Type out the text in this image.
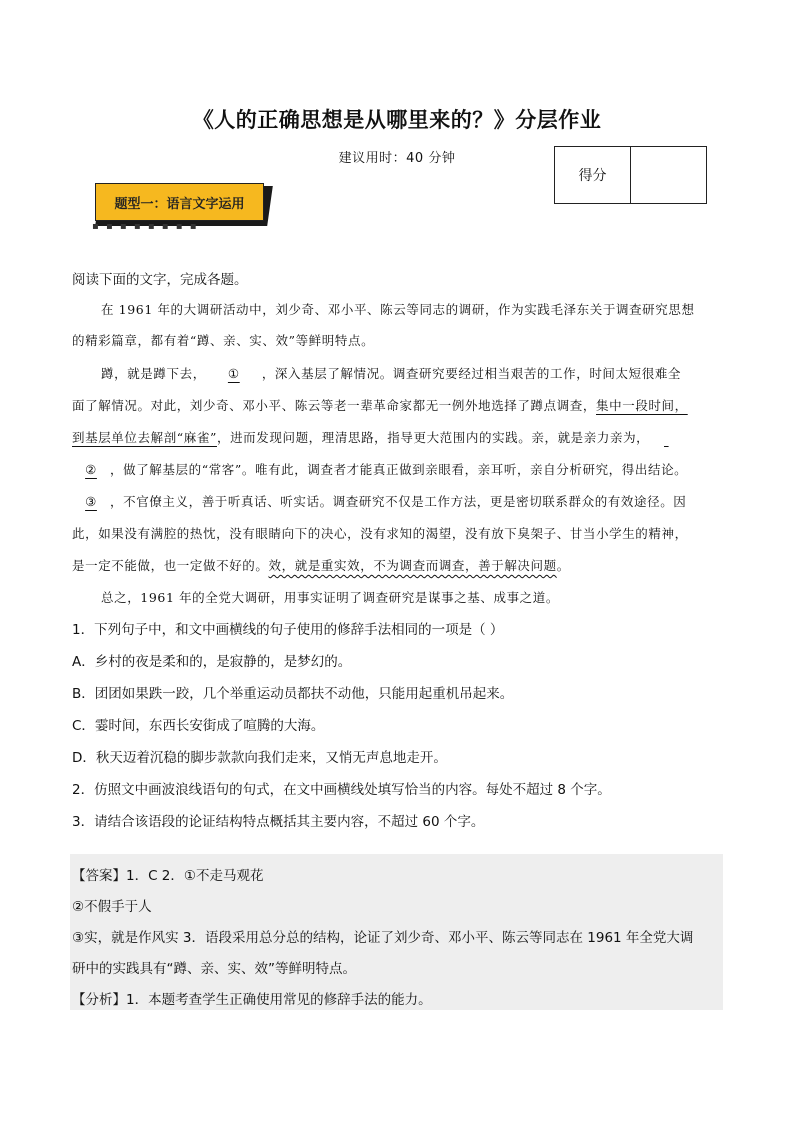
《人的正确思想是从哪里来的？》分层作业
建议用时：40 分钟
得分
题型一：语言文字运用
▪ ▪ ▪ ▪ ▪ ▪ ▪ ▪
阅读下面的文字，完成各题。
在 1961 年的大调研活动中，刘少奇、邓小平、陈云等同志的调研，作为实践毛泽东关于调查研究思想
的精彩篇章，都有着“蹲、亲、实、效”等鲜明特点。
蹲，就是蹲下去， ① ，深入基层了解情况。调查研究要经过相当艰苦的工作，时间太短很难全
面了解情况。对此，刘少奇、邓小平、陈云等老一辈革命家都无一例外地选择了蹲点调查，集中一段时间，
到基层单位去解剖“麻雀”，进而发现问题，理清思路，指导更大范围内的实践。亲，就是亲力亲为，
② ，做了解基层的“常客”。唯有此，调查者才能真正做到亲眼看，亲耳听，亲自分析研究，得出结论。
③ ，不官僚主义，善于听真话、听实话。调查研究不仅是工作方法，更是密切联系群众的有效途径。因
此，如果没有满腔的热忱，没有眼睛向下的决心，没有求知的渴望，没有放下臭架子、甘当小学生的精神，
是一定不能做，也一定做不好的。效，就是重实效，不为调查而调查，善于解决问题。
总之，1961 年的全党大调研，用事实证明了调查研究是谋事之基、成事之道。
1．下列句子中，和文中画横线的句子使用的修辞手法相同的一项是（ ）
A．乡村的夜是柔和的，是寂静的，是梦幻的。
B．团团如果跌一跤，几个举重运动员都扶不动他，只能用起重机吊起来。
C．霎时间，东西长安街成了喧腾的大海。
D．秋天迈着沉稳的脚步款款向我们走来，又悄无声息地走开。
2．仿照文中画波浪线语句的句式，在文中画横线处填写恰当的内容。每处不超过 8 个字。
3．请结合该语段的论证结构特点概括其主要内容，不超过 60 个字。
【答案】1．C 2．①不走马观花
②不假手于人
③实，就是作风实 3．语段采用总分总的结构，论证了刘少奇、邓小平、陈云等同志在 1961 年全党大调
研中的实践具有“蹲、亲、实、效”等鲜明特点。
【分析】1．本题考查学生正确使用常见的修辞手法的能力。
